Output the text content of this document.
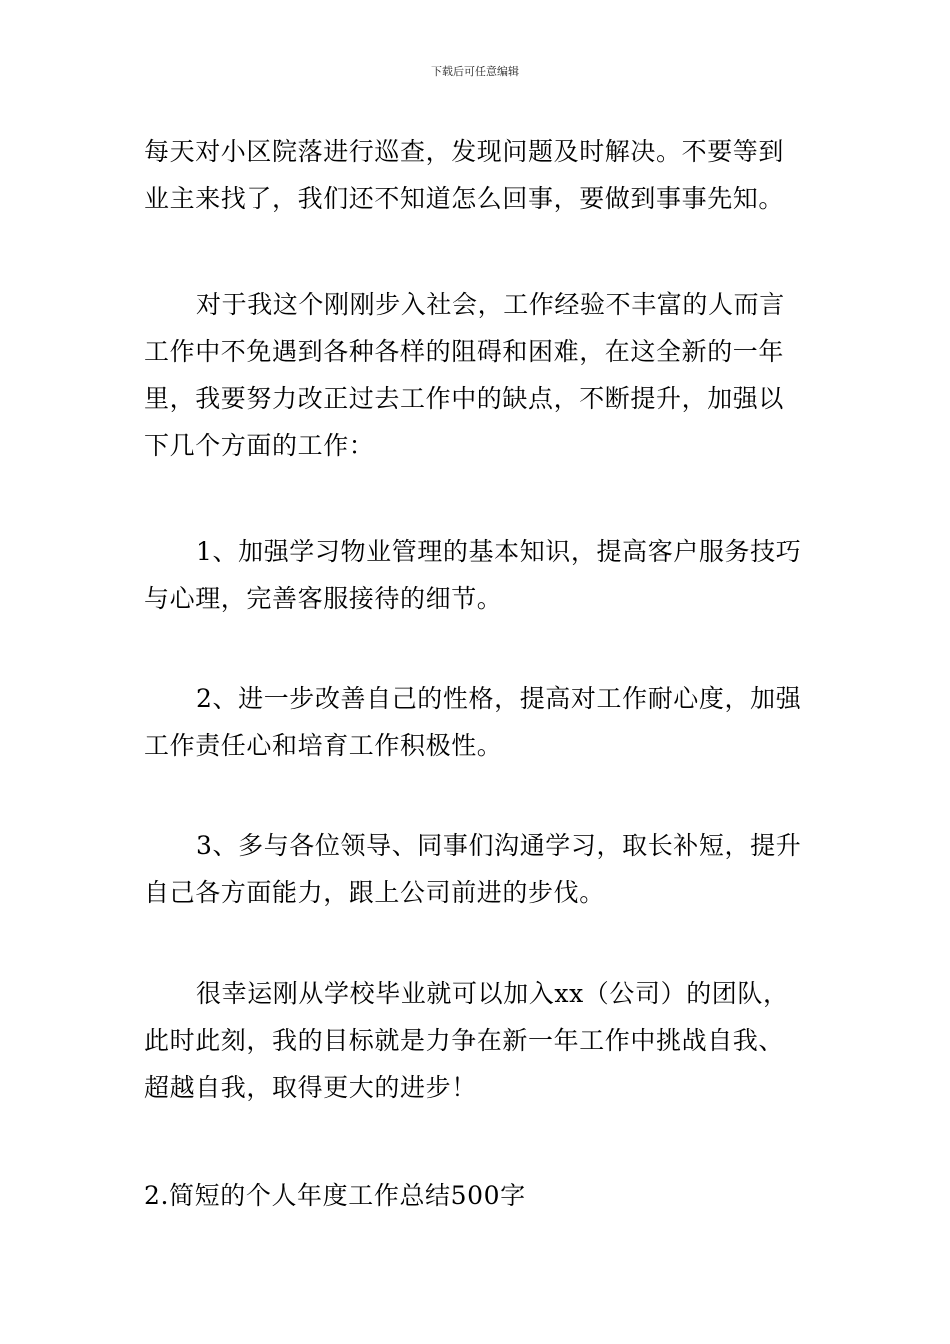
下载后可任意编辑

每天对小区院落进行巡查，发现问题及时解决。不要等到业主来找了，我们还不知道怎么回事，要做到事事先知。

对于我这个刚刚步入社会，工作经验不丰富的人而言工作中不免遇到各种各样的阻碍和困难，在这全新的一年里，我要努力改正过去工作中的缺点，不断提升，加强以下几个方面的工作：

1、加强学习物业管理的基本知识，提高客户服务技巧与心理，完善客服接待的细节。

2、进一步改善自己的性格，提高对工作耐心度，加强工作责任心和培育工作积极性。

3、多与各位领导、同事们沟通学习，取长补短，提升自己各方面能力，跟上公司前进的步伐。

很幸运刚从学校毕业就可以加入xx（公司）的团队，此时此刻，我的目标就是力争在新一年工作中挑战自我、超越自我，取得更大的进步！

2.简短的个人年度工作总结500字
